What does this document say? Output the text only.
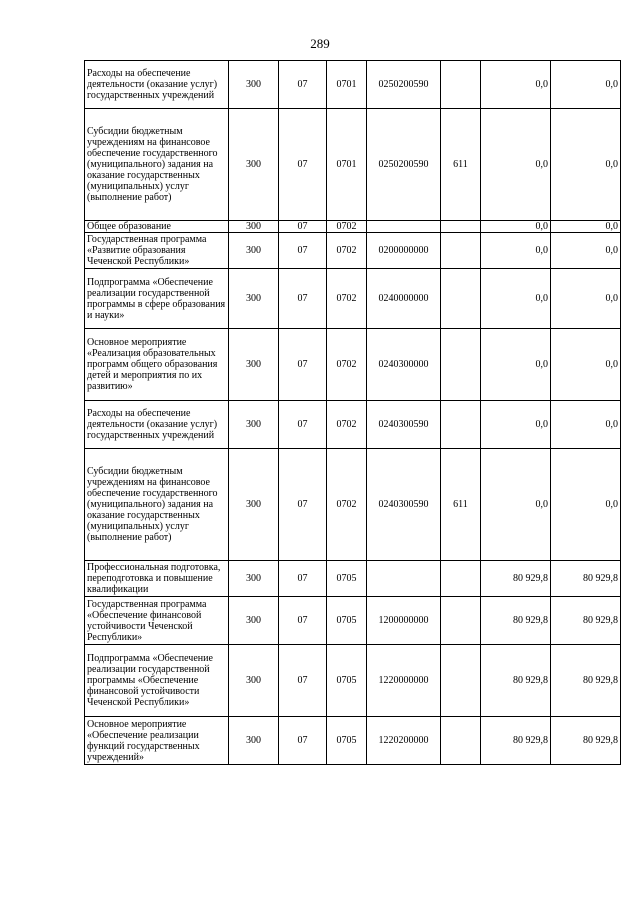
289
Расходы на обеспечение деятельности (оказание услуг) государственных учреждений	300	07	0701	0250200590		0,0	0,0
Субсидии бюджетным учреждениям на финансовое обеспечение государственного (муниципального) задания на оказание государственных (муниципальных) услуг (выполнение работ)	300	07	0701	0250200590	611	0,0	0,0
Общее образование	300	07	0702			0,0	0,0
Государственная программа «Развитие образования Чеченской Республики»	300	07	0702	0200000000		0,0	0,0
Подпрограмма «Обеспечение реализации государственной программы в сфере образования и науки»	300	07	0702	0240000000		0,0	0,0
Основное мероприятие «Реализация образовательных программ общего образования детей и мероприятия по их развитию»	300	07	0702	0240300000		0,0	0,0
Расходы на обеспечение деятельности (оказание услуг) государственных учреждений	300	07	0702	0240300590		0,0	0,0
Субсидии бюджетным учреждениям на финансовое обеспечение государственного (муниципального) задания на оказание государственных (муниципальных) услуг (выполнение работ)	300	07	0702	0240300590	611	0,0	0,0
Профессиональная подготовка, переподготовка и повышение квалификации	300	07	0705			80 929,8	80 929,8
Государственная программа «Обеспечение финансовой устойчивости Чеченской Республики»	300	07	0705	1200000000		80 929,8	80 929,8
Подпрограмма «Обеспечение реализации государственной программы «Обеспечение финансовой устойчивости Чеченской Республики»	300	07	0705	1220000000		80 929,8	80 929,8
Основное мероприятие «Обеспечение реализации функций государственных учреждений»	300	07	0705	1220200000		80 929,8	80 929,8
